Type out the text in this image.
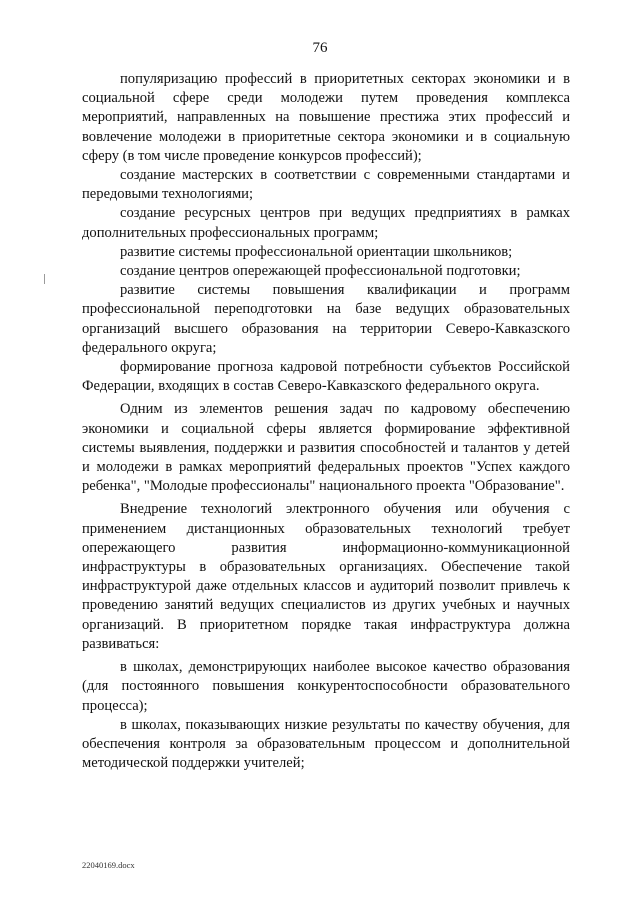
76

популяризацию профессий в приоритетных секторах экономики и в социальной сфере среди молодежи путем проведения комплекса мероприятий, направленных на повышение престижа этих профессий и вовлечение молодежи в приоритетные сектора экономики и в социальную сферу (в том числе проведение конкурсов профессий);

создание мастерских в соответствии с современными стандартами и передовыми технологиями;

создание ресурсных центров при ведущих предприятиях в рамках дополнительных профессиональных программ;

развитие системы профессиональной ориентации школьников;

создание центров опережающей профессиональной подготовки;

развитие системы повышения квалификации и программ профессиональной переподготовки на базе ведущих образовательных организаций высшего образования на территории Северо-Кавказского федерального округа;

формирование прогноза кадровой потребности субъектов Российской Федерации, входящих в состав Северо-Кавказского федерального округа.

Одним из элементов решения задач по кадровому обеспечению экономики и социальной сферы является формирование эффективной системы выявления, поддержки и развития способностей и талантов у детей и молодежи в рамках мероприятий федеральных проектов "Успех каждого ребенка", "Молодые профессионалы" национального проекта "Образование".

Внедрение технологий электронного обучения или обучения с применением дистанционных образовательных технологий требует опережающего развития информационно-коммуникационной инфраструктуры в образовательных организациях. Обеспечение такой инфраструктурой даже отдельных классов и аудиторий позволит привлечь к проведению занятий ведущих специалистов из других учебных и научных организаций. В приоритетном порядке такая инфраструктура должна развиваться:

в школах, демонстрирующих наиболее высокое качество образования (для постоянного повышения конкурентоспособности образовательного процесса);

в школах, показывающих низкие результаты по качеству обучения, для обеспечения контроля за образовательным процессом и дополнительной методической поддержки учителей;

22040169.docx
